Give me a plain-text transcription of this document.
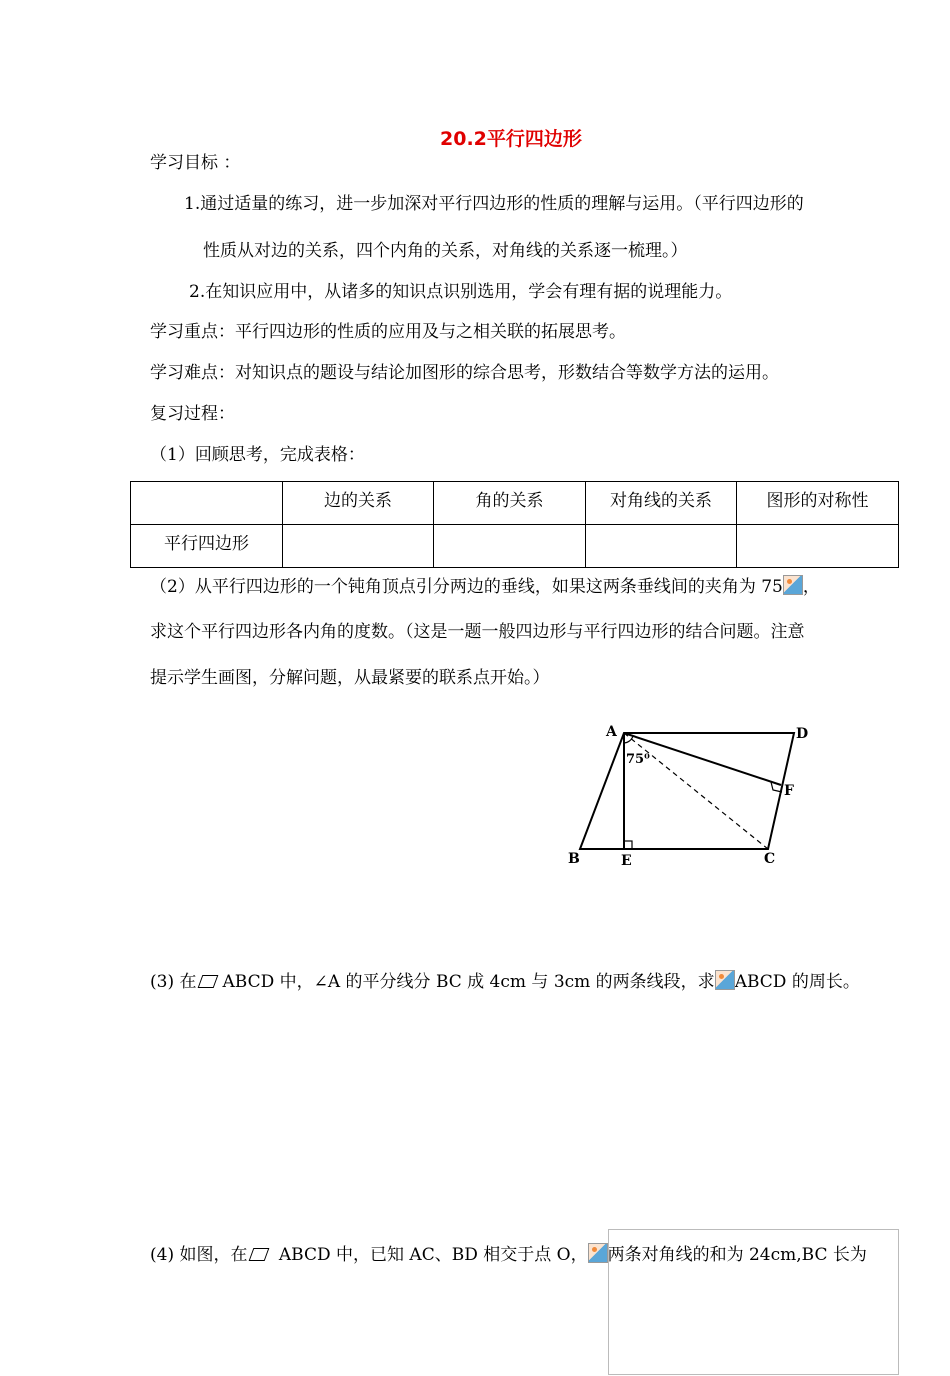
20.2平行四边形
学习目标 ：
1.通过适量的练习，进一步加深对平行四边形的性质的理解与运用。（平行四边形的
性质从对边的关系，四个内角的关系，对角线的关系逐一梳理。）
2.在知识应用中，从诸多的知识点识别选用，学会有理有据的说理能力。
学习重点：平行四边形的性质的应用及与之相关联的拓展思考。
学习难点：对知识点的题设与结论加图形的综合思考，形数结合等数学方法的运用。
复习过程：
（1）回顾思考，完成表格：
	边的关系	角的关系	对角线的关系	图形的对称性
平行四边形				
（2）从平行四边形的一个钝角顶点引分两边的垂线，如果这两条垂线间的夹角为 75 ，
求这个平行四边形各内角的度数。（这是一题一般四边形与平行四边形的结合问题。注意
提示学生画图，分解问题，从最紧要的联系点开始。）
A	D
F
B	E	C
75⁰
(3) 在 ABCD 中，∠A 的平分线分 BC 成 4cm 与 3cm 的两条线段，求 ABCD 的周长。
(4) 如图，在 ABCD 中，已知 AC、BD 相交于点 O， 两条对角线的和为 24cm,BC 长为
